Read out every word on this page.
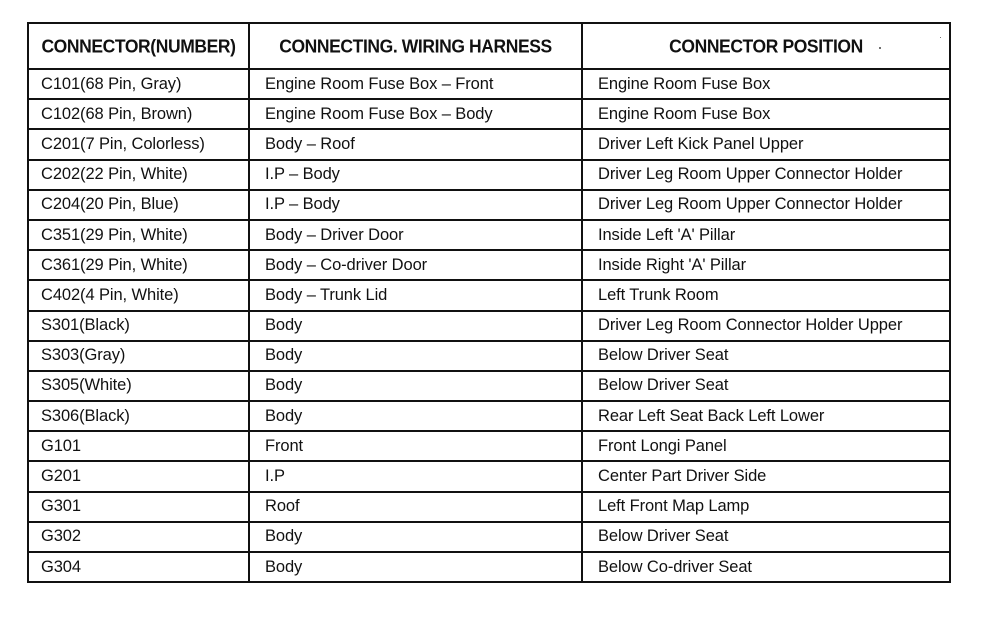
CONNECTOR(NUMBER)	CONNECTING. WIRING HARNESS	CONNECTOR POSITION
C101(68 Pin, Gray)	Engine Room Fuse Box – Front	Engine Room Fuse Box
C102(68 Pin, Brown)	Engine Room Fuse Box – Body	Engine Room Fuse Box
C201(7 Pin, Colorless)	Body – Roof	Driver Left Kick Panel Upper
C202(22 Pin, White)	I.P – Body	Driver Leg Room Upper Connector Holder
C204(20 Pin, Blue)	I.P – Body	Driver Leg Room Upper Connector Holder
C351(29 Pin, White)	Body – Driver Door	Inside Left 'A' Pillar
C361(29 Pin, White)	Body – Co-driver Door	Inside Right 'A' Pillar
C402(4 Pin, White)	Body – Trunk Lid	Left Trunk Room
S301(Black)	Body	Driver Leg Room Connector Holder Upper
S303(Gray)	Body	Below Driver Seat
S305(White)	Body	Below Driver Seat
S306(Black)	Body	Rear Left Seat Back Left Lower
G101	Front	Front Longi Panel
G201	I.P	Center Part Driver Side
G301	Roof	Left Front Map Lamp
G302	Body	Below Driver Seat
G304	Body	Below Co-driver Seat
